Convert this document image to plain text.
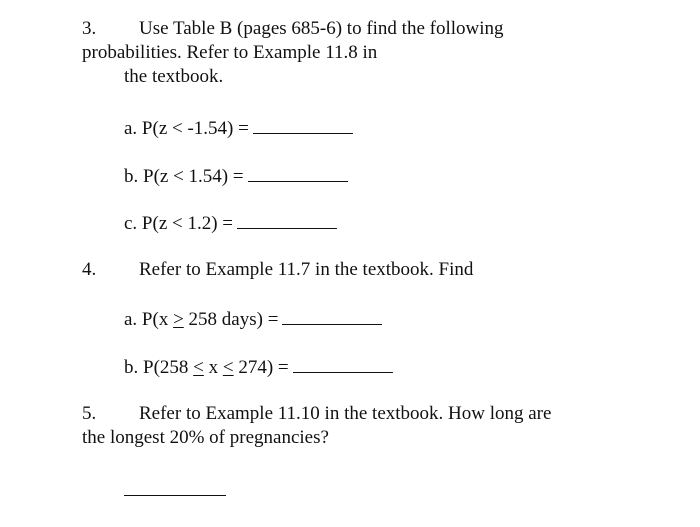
3. Use Table B (pages 685-6) to find the following
probabilities. Refer to Example 11.8 in
the textbook.
a. P(z < -1.54) =
b. P(z < 1.54) =
c. P(z < 1.2) =
4. Refer to Example 11.7 in the textbook. Find
a. P(x ≥ 258 days) =
b. P(258 < x < 274) =
5. Refer to Example 11.10 in the textbook. How long are
the longest 20% of pregnancies?
